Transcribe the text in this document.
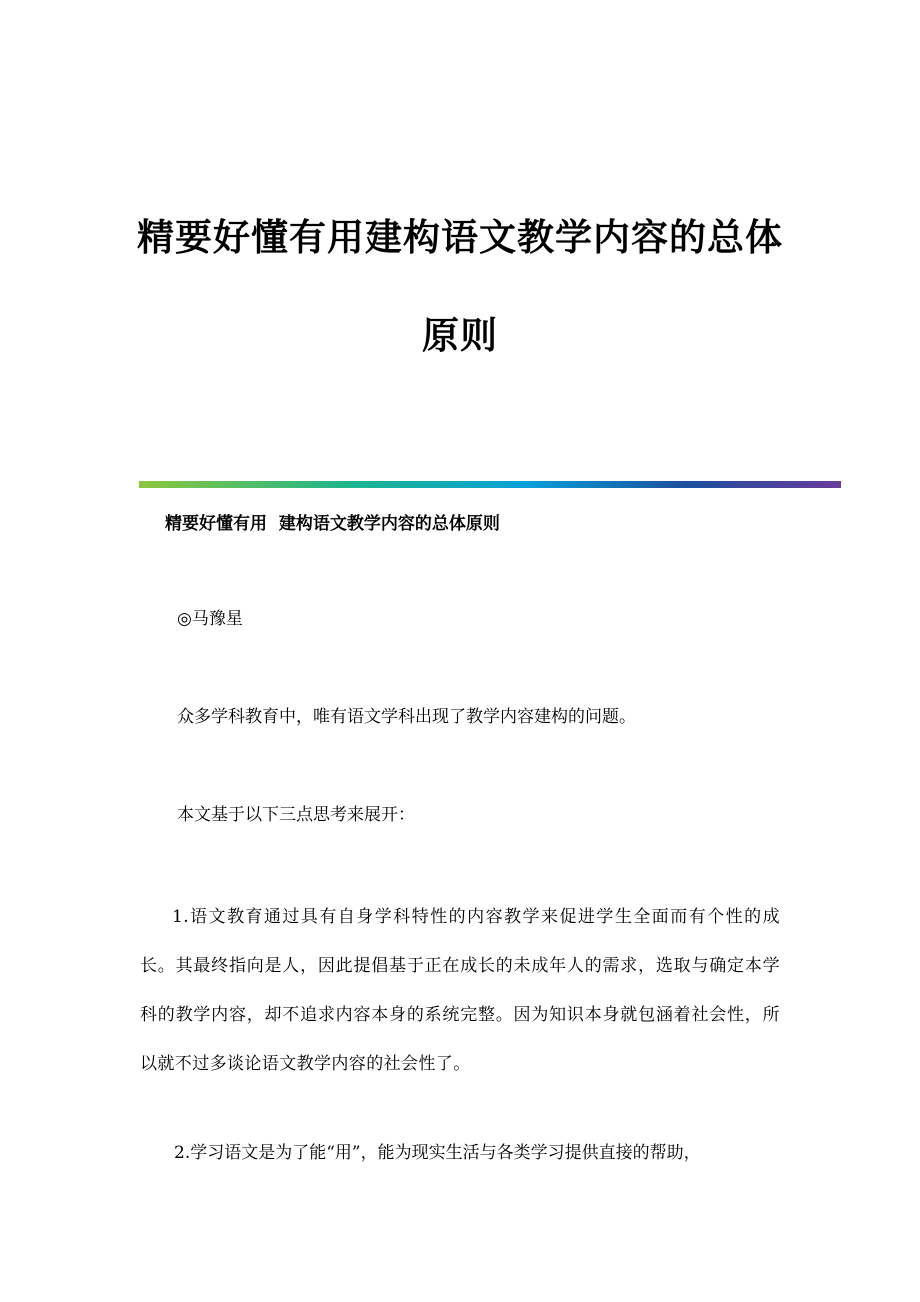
精要好懂有用建构语文教学内容的总体
原则
精要好懂有用  建构语文教学内容的总体原则
◎马豫星
众多学科教育中，唯有语文学科出现了教学内容建构的问题。
本文基于以下三点思考来展开：
1.语文教育通过具有自身学科特性的内容教学来促进学生全面而有个性的成长。其最终指向是人，因此提倡基于正在成长的未成年人的需求，选取与确定本学科的教学内容，却不追求内容本身的系统完整。因为知识本身就包涵着社会性，所以就不过多谈论语文教学内容的社会性了。
2.学习语文是为了能“用”，能为现实生活与各类学习提供直接的帮助，
